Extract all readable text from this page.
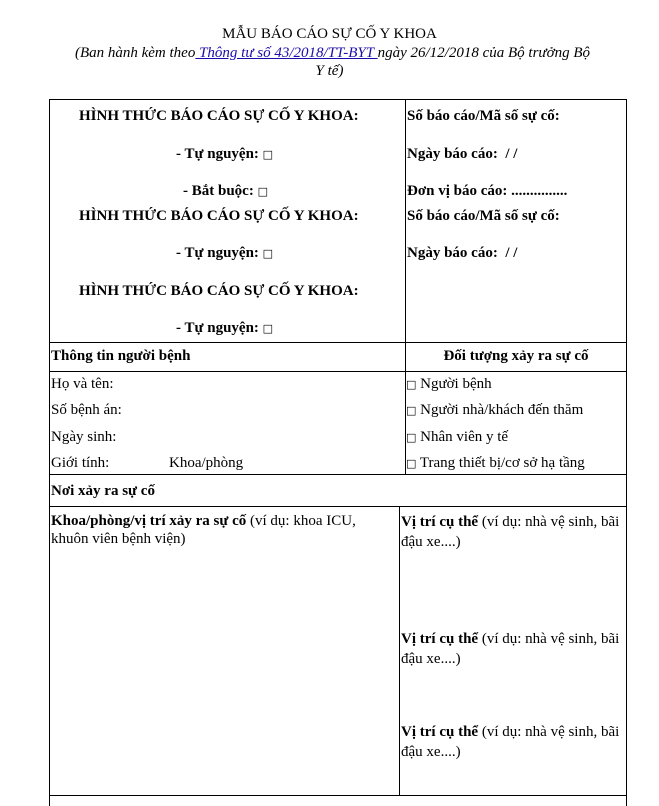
MẪU BÁO CÁO SỰ CỐ Y KHOA
(Ban hành kèm theo Thông tư số 43/2018/TT-BYT ngày 26/12/2018 của Bộ trưởng Bộ
Y tế)
HÌNH THỨC BÁO CÁO SỰ CỐ Y KHOA:
- Tự nguyện: □
- Bắt buộc: □
HÌNH THỨC BÁO CÁO SỰ CỐ Y KHOA:
- Tự nguyện: □
HÌNH THỨC BÁO CÁO SỰ CỐ Y KHOA:
- Tự nguyện: □
Số báo cáo/Mã số sự cố:
Ngày báo cáo: / /
Đơn vị báo cáo: ...............
Số báo cáo/Mã số sự cố:
Ngày báo cáo: / /
Thông tin người bệnh	Đối tượng xảy ra sự cố
Họ và tên:
Số bệnh án:
Ngày sinh:
Giới tính:	Khoa/phòng
□ Người bệnh
□ Người nhà/khách đến thăm
□ Nhân viên y tế
□ Trang thiết bị/cơ sở hạ tầng
Nơi xảy ra sự cố
Khoa/phòng/vị trí xảy ra sự cố (ví dụ: khoa ICU, khuôn viên bệnh viện)
Vị trí cụ thể (ví dụ: nhà vệ sinh, bãi đậu xe....)
Vị trí cụ thể (ví dụ: nhà vệ sinh, bãi đậu xe....)
Vị trí cụ thể (ví dụ: nhà vệ sinh, bãi đậu xe....)
